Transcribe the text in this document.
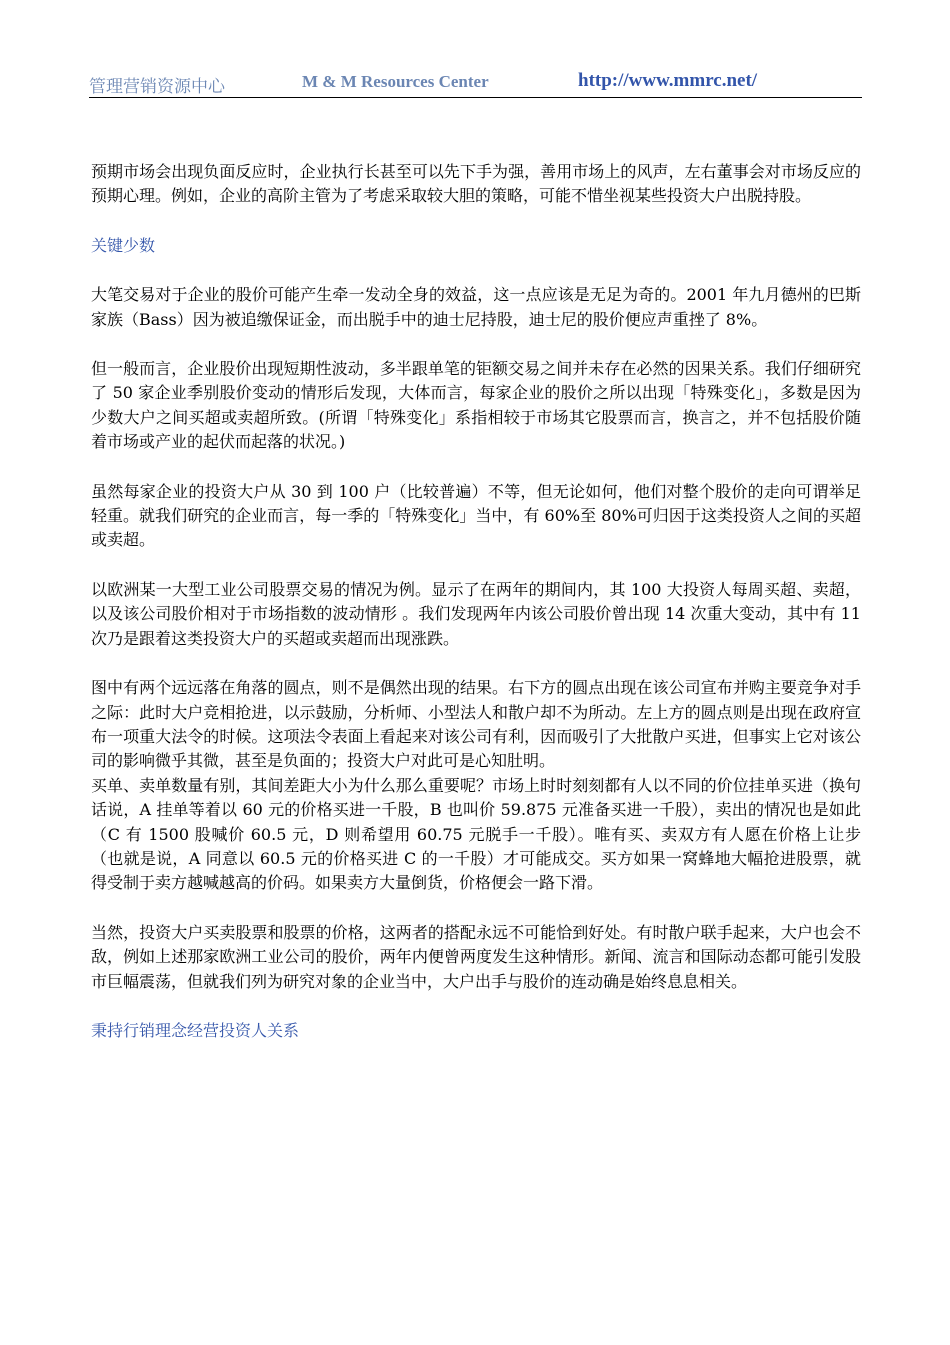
管理营销资源中心	M & M Resources Center	http://www.mmrc.net/

预期市场会出现负面反应时，企业执行长甚至可以先下手为强，善用市场上的风声，左右董事会对市场反应的预期心理。例如，企业的高阶主管为了考虑采取较大胆的策略，可能不惜坐视某些投资大户出脱持股。

关键少数

大笔交易对于企业的股价可能产生牵一发动全身的效益，这一点应该是无足为奇的。2001 年九月德州的巴斯家族（Bass）因为被追缴保证金，而出脱手中的迪士尼持股，迪士尼的股价便应声重挫了 8%。

但一般而言，企业股价出现短期性波动，多半跟单笔的钜额交易之间并未存在必然的因果关系。我们仔细研究了 50 家企业季别股价变动的情形后发现，大体而言，每家企业的股价之所以出现「特殊变化」，多数是因为少数大户之间买超或卖超所致。(所谓「特殊变化」系指相较于市场其它股票而言，换言之，并不包括股价随着市场或产业的起伏而起落的状况。)

虽然每家企业的投资大户从 30 到 100 户（比较普遍）不等，但无论如何，他们对整个股价的走向可谓举足轻重。就我们研究的企业而言，每一季的「特殊变化」当中，有 60%至 80%可归因于这类投资人之间的买超或卖超。

以欧洲某一大型工业公司股票交易的情况为例。显示了在两年的期间内，其 100 大投资人每周买超、卖超，以及该公司股价相对于市场指数的波动情形 。我们发现两年内该公司股价曾出现 14 次重大变动，其中有 11 次乃是跟着这类投资大户的买超或卖超而出现涨跌。

图中有两个远远落在角落的圆点，则不是偶然出现的结果。右下方的圆点出现在该公司宣布并购主要竞争对手之际：此时大户竞相抢进，以示鼓励，分析师、小型法人和散户却不为所动。左上方的圆点则是出现在政府宣布一项重大法令的时候。这项法令表面上看起来对该公司有利，因而吸引了大批散户买进，但事实上它对该公司的影响微乎其微，甚至是负面的；投资大户对此可是心知肚明。

买单、卖单数量有别，其间差距大小为什么那么重要呢？市场上时时刻刻都有人以不同的价位挂单买进（换句话说，A 挂单等着以 60 元的价格买进一千股，B 也叫价 59.875 元准备买进一千股），卖出的情况也是如此（C 有 1500 股喊价 60.5 元，D 则希望用 60.75 元脱手一千股）。唯有买、卖双方有人愿在价格上让步（也就是说，A 同意以 60.5 元的价格买进 C 的一千股）才可能成交。买方如果一窝蜂地大幅抢进股票，就得受制于卖方越喊越高的价码。如果卖方大量倒货，价格便会一路下滑。

当然，投资大户买卖股票和股票的价格，这两者的搭配永远不可能恰到好处。有时散户联手起来，大户也会不敌，例如上述那家欧洲工业公司的股价，两年内便曾两度发生这种情形。新闻、流言和国际动态都可能引发股市巨幅震荡，但就我们列为研究对象的企业当中，大户出手与股价的连动确是始终息息相关。

秉持行销理念经营投资人关系
